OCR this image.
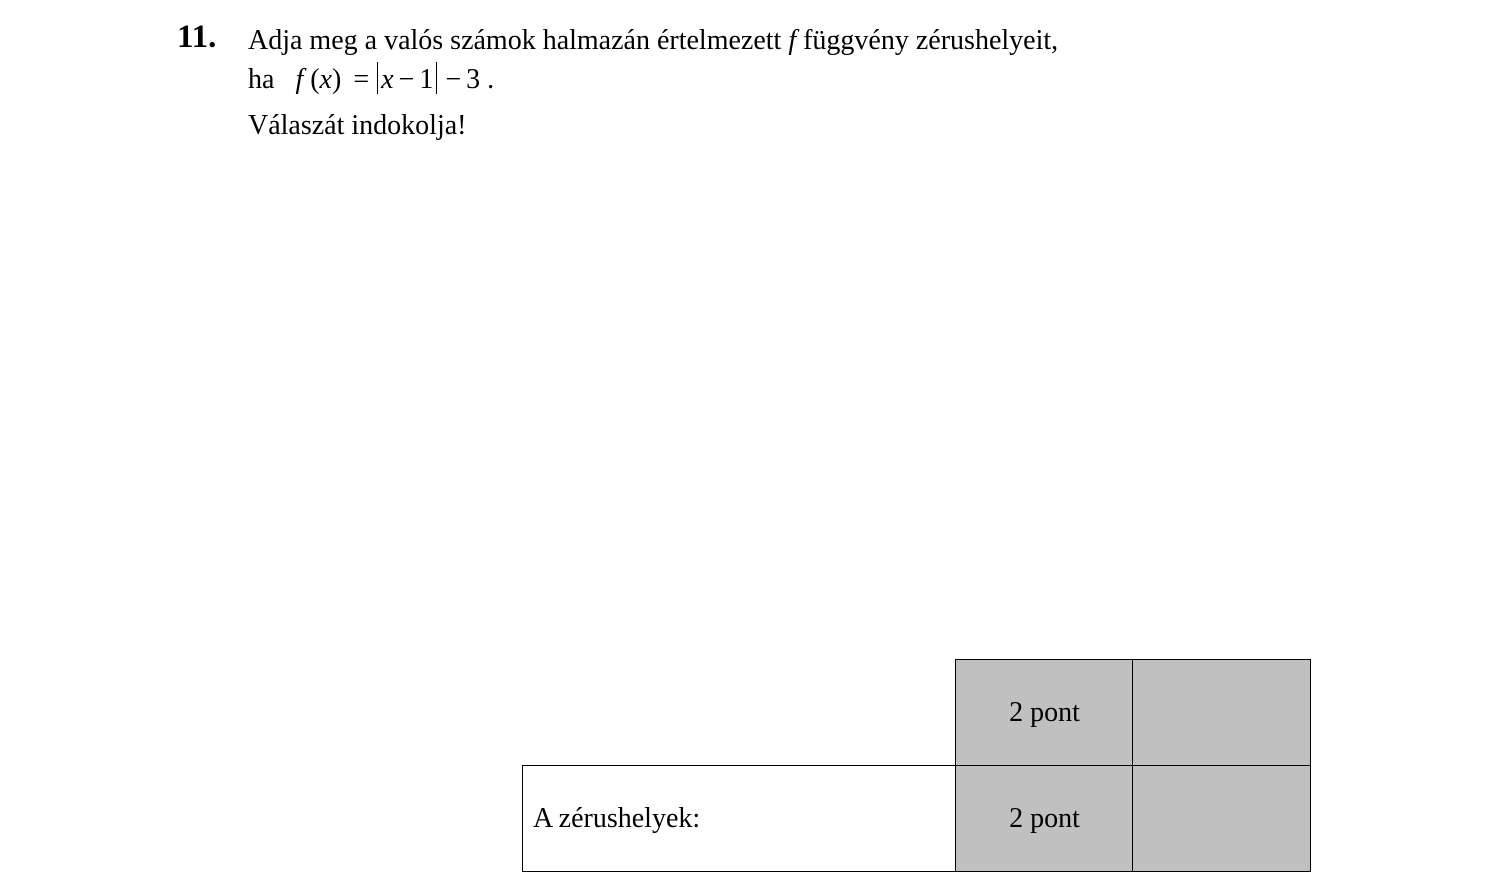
11. Adja meg a valós számok halmazán értelmezett f függvény zérushelyeit,
ha f (x) = x − 1 − 3 .
Válaszát indokolja!
2 pont
A zérushelyek:	2 pont
